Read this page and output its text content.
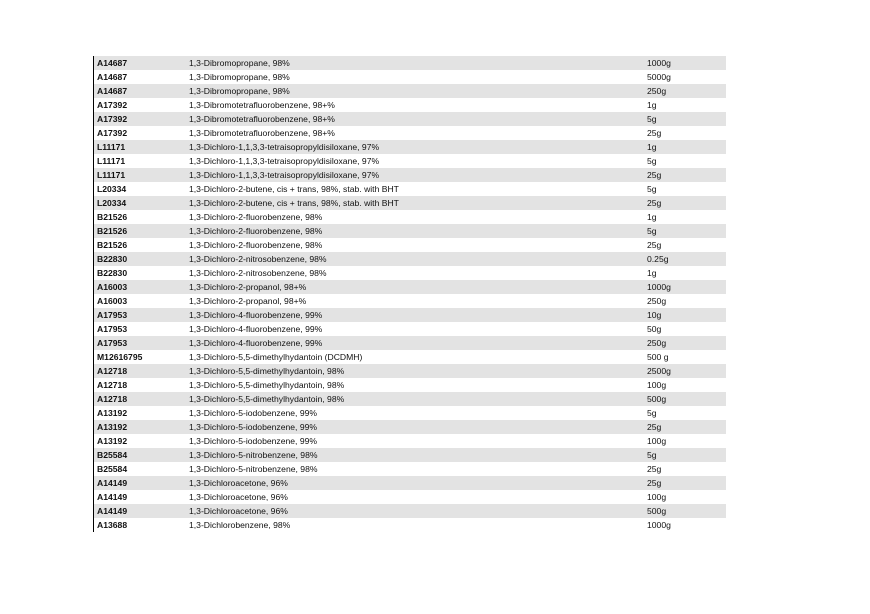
A14687	1,3-Dibromopropane, 98%	1000g
A14687	1,3-Dibromopropane, 98%	5000g
A14687	1,3-Dibromopropane, 98%	250g
A17392	1,3-Dibromotetrafluorobenzene, 98+%	1g
A17392	1,3-Dibromotetrafluorobenzene, 98+%	5g
A17392	1,3-Dibromotetrafluorobenzene, 98+%	25g
L11171	1,3-Dichloro-1,1,3,3-tetraisopropyldisiloxane, 97%	1g
L11171	1,3-Dichloro-1,1,3,3-tetraisopropyldisiloxane, 97%	5g
L11171	1,3-Dichloro-1,1,3,3-tetraisopropyldisiloxane, 97%	25g
L20334	1,3-Dichloro-2-butene, cis + trans, 98%, stab. with BHT	5g
L20334	1,3-Dichloro-2-butene, cis + trans, 98%, stab. with BHT	25g
B21526	1,3-Dichloro-2-fluorobenzene, 98%	1g
B21526	1,3-Dichloro-2-fluorobenzene, 98%	5g
B21526	1,3-Dichloro-2-fluorobenzene, 98%	25g
B22830	1,3-Dichloro-2-nitrosobenzene, 98%	0.25g
B22830	1,3-Dichloro-2-nitrosobenzene, 98%	1g
A16003	1,3-Dichloro-2-propanol, 98+%	1000g
A16003	1,3-Dichloro-2-propanol, 98+%	250g
A17953	1,3-Dichloro-4-fluorobenzene, 99%	10g
A17953	1,3-Dichloro-4-fluorobenzene, 99%	50g
A17953	1,3-Dichloro-4-fluorobenzene, 99%	250g
M12616795	1,3-Dichloro-5,5-dimethylhydantoin (DCDMH)	500 g
A12718	1,3-Dichloro-5,5-dimethylhydantoin, 98%	2500g
A12718	1,3-Dichloro-5,5-dimethylhydantoin, 98%	100g
A12718	1,3-Dichloro-5,5-dimethylhydantoin, 98%	500g
A13192	1,3-Dichloro-5-iodobenzene, 99%	5g
A13192	1,3-Dichloro-5-iodobenzene, 99%	25g
A13192	1,3-Dichloro-5-iodobenzene, 99%	100g
B25584	1,3-Dichloro-5-nitrobenzene, 98%	5g
B25584	1,3-Dichloro-5-nitrobenzene, 98%	25g
A14149	1,3-Dichloroacetone, 96%	25g
A14149	1,3-Dichloroacetone, 96%	100g
A14149	1,3-Dichloroacetone, 96%	500g
A13688	1,3-Dichlorobenzene, 98%	1000g
